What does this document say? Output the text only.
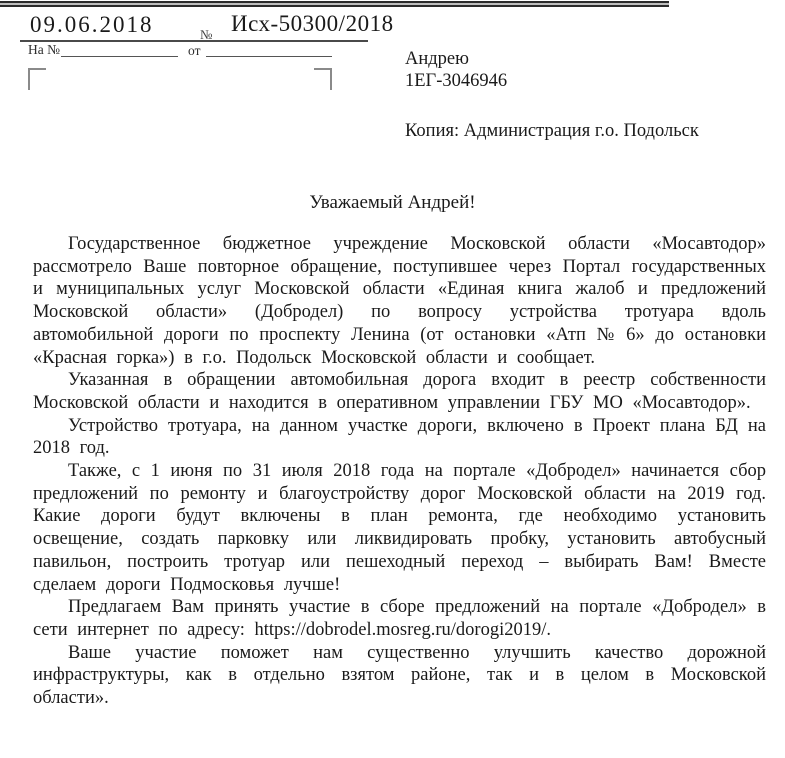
09.06.2018	№ Исх-50300/2018
На №	от	Андрею
1ЕГ-3046946
Копия: Администрация г.о. Подольск
Уважаемый Андрей!

Государственное бюджетное учреждение Московской области «Мосавтодор» рассмотрело Ваше повторное обращение, поступившее через Портал государственных и муниципальных услуг Московской области «Единая книга жалоб и предложений Московской области» (Добродел) по вопросу устройства тротуара вдоль автомобильной дороги по проспекту Ленина (от остановки «Атп № 6» до остановки «Красная горка») в г.о. Подольск Московской области и сообщает.

Указанная в обращении автомобильная дорога входит в реестр собственности Московской области и находится в оперативном управлении ГБУ МО «Мосавтодор».

Устройство тротуара, на данном участке дороги, включено в Проект плана БД на 2018 год.

Также, с 1 июня по 31 июля 2018 года на портале «Добродел» начинается сбор предложений по ремонту и благоустройству дорог Московской области на 2019 год. Какие дороги будут включены в план ремонта, где необходимо установить освещение, создать парковку или ликвидировать пробку, установить автобусный павильон, построить тротуар или пешеходный переход – выбирать Вам! Вместе сделаем дороги Подмосковья лучше!

Предлагаем Вам принять участие в сборе предложений на портале «Добродел» в сети интернет по адресу: https://dobrodel.mosreg.ru/dorogi2019/.

Ваше участие поможет нам существенно улучшить качество дорожной инфраструктуры, как в отдельно взятом районе, так и в целом в Московской области».
